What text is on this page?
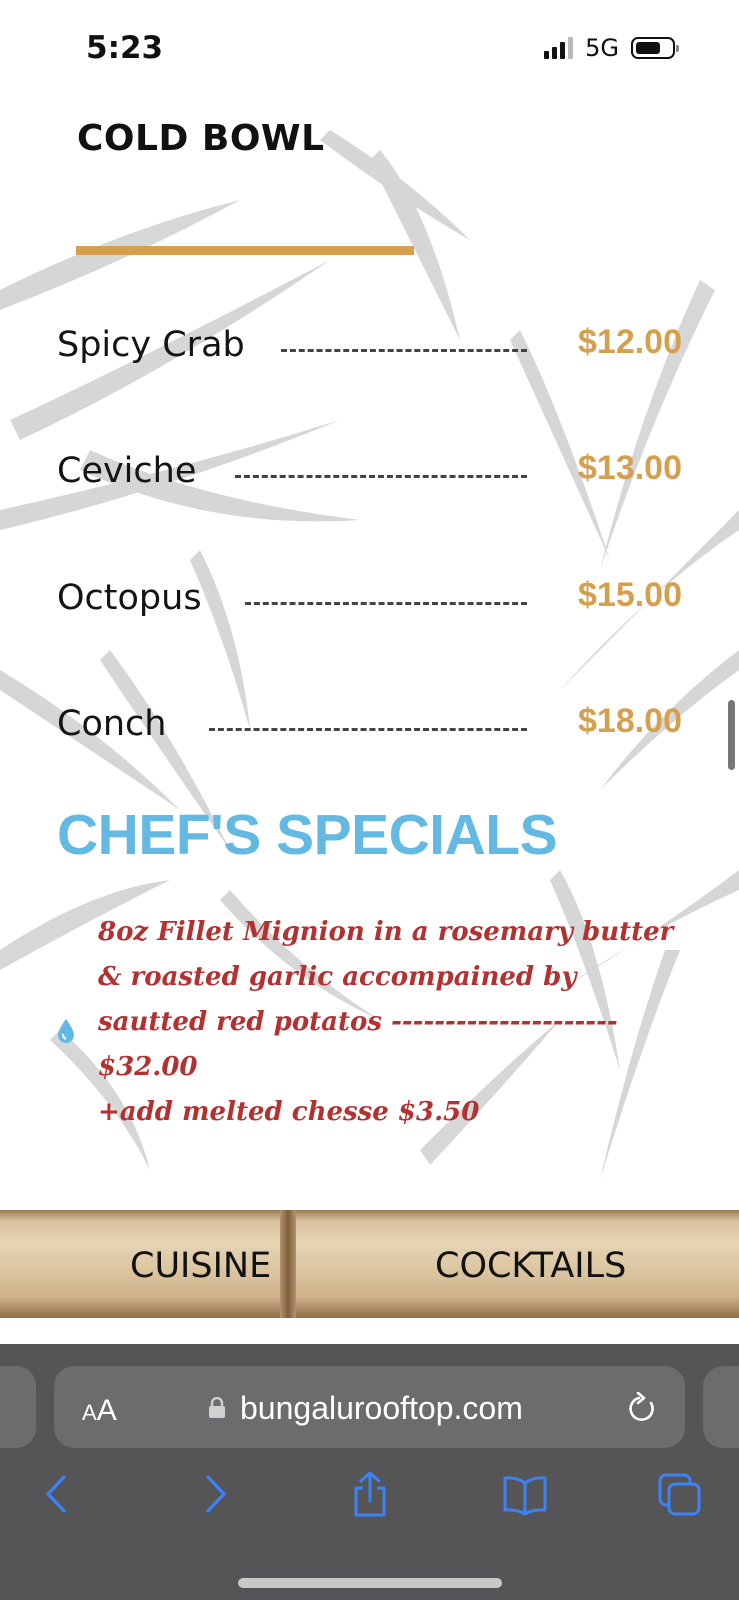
5:23	5G
COLD BOWL
Spicy Crab	$12.00
Ceviche	$13.00
Octopus	$15.00
Conch	$18.00
CHEF'S SPECIALS
8oz Fillet Mignion in a rosemary butter
& roasted garlic accompained by
sautted red potatos ---------------------
$32.00
+add melted chesse $3.50
CUISINE	COCKTAILS
AA	bungalurooftop.com
